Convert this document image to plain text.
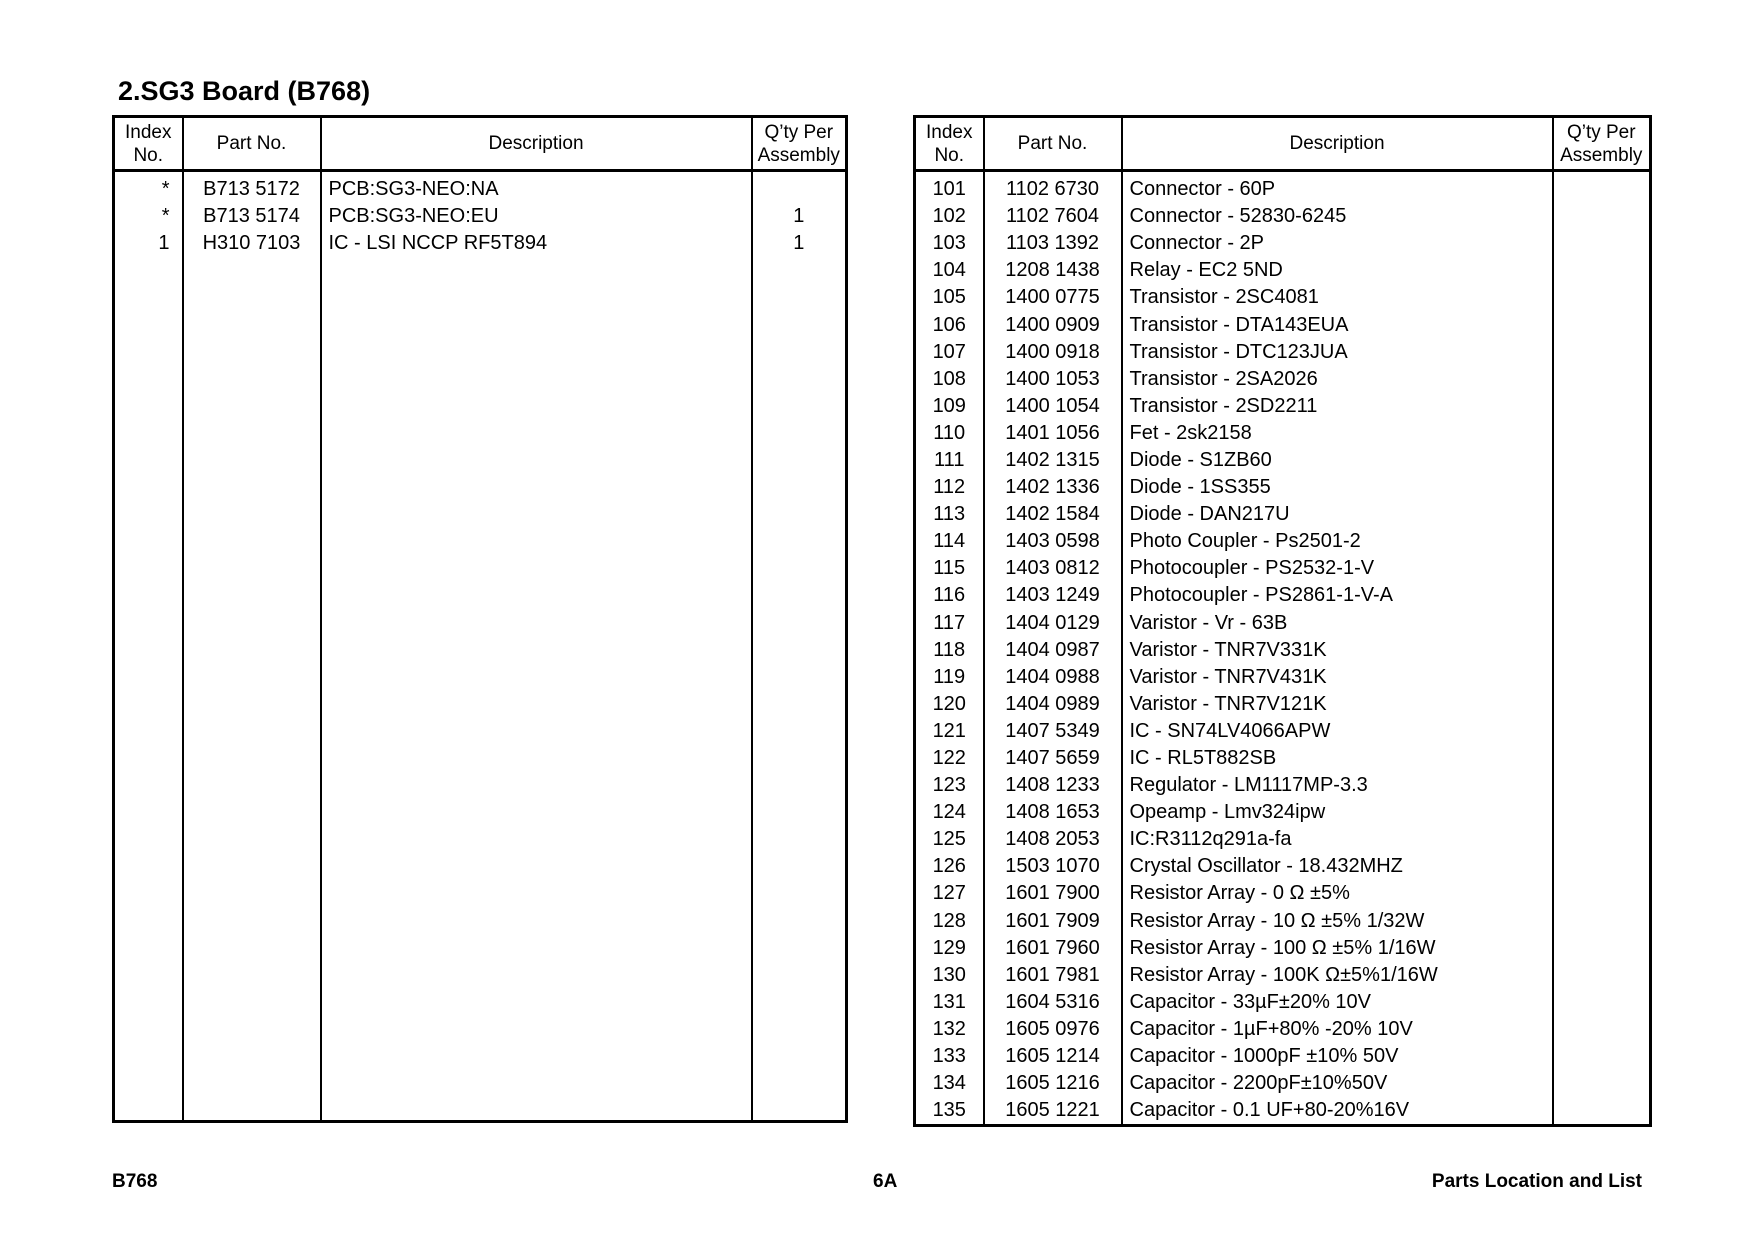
2.SG3 Board (B768)
Index
No.	Part No.	Description	Q’ty Per
Assembly
*	B713 5172	PCB:SG3-NEO:NA	
*	B713 5174	PCB:SG3-NEO:EU	1
1	H310 7103	IC - LSI NCCP RF5T894	1

Index
No.	Part No.	Description	Q’ty Per
Assembly
101	1102 6730	Connector - 60P	
102	1102 7604	Connector - 52830-6245	
103	1103 1392	Connector - 2P	
104	1208 1438	Relay - EC2 5ND	
105	1400 0775	Transistor - 2SC4081	
106	1400 0909	Transistor - DTA143EUA	
107	1400 0918	Transistor - DTC123JUA	
108	1400 1053	Transistor - 2SA2026	
109	1400 1054	Transistor - 2SD2211	
110	1401 1056	Fet - 2sk2158	
111	1402 1315	Diode - S1ZB60	
112	1402 1336	Diode - 1SS355	
113	1402 1584	Diode - DAN217U	
114	1403 0598	Photo Coupler - Ps2501-2	
115	1403 0812	Photocoupler - PS2532-1-V	
116	1403 1249	Photocoupler - PS2861-1-V-A	
117	1404 0129	Varistor - Vr - 63B	
118	1404 0987	Varistor - TNR7V331K	
119	1404 0988	Varistor - TNR7V431K	
120	1404 0989	Varistor - TNR7V121K	
121	1407 5349	IC - SN74LV4066APW	
122	1407 5659	IC - RL5T882SB	
123	1408 1233	Regulator - LM1117MP-3.3	
124	1408 1653	Opeamp - Lmv324ipw	
125	1408 2053	IC:R3112q291a-fa	
126	1503 1070	Crystal Oscillator - 18.432MHZ	
127	1601 7900	Resistor Array - 0 Ω ±5%	
128	1601 7909	Resistor Array - 10 Ω ±5% 1/32W	
129	1601 7960	Resistor Array - 100 Ω ±5% 1/16W	
130	1601 7981	Resistor Array - 100K Ω±5%1/16W	
131	1604 5316	Capacitor - 33µF±20% 10V	
132	1605 0976	Capacitor - 1µF+80% -20% 10V	
133	1605 1214	Capacitor - 1000pF ±10% 50V	
134	1605 1216	Capacitor - 2200pF±10%50V	
135	1605 1221	Capacitor - 0.1 UF+80-20%16V	

B768	6A	Parts Location and List
